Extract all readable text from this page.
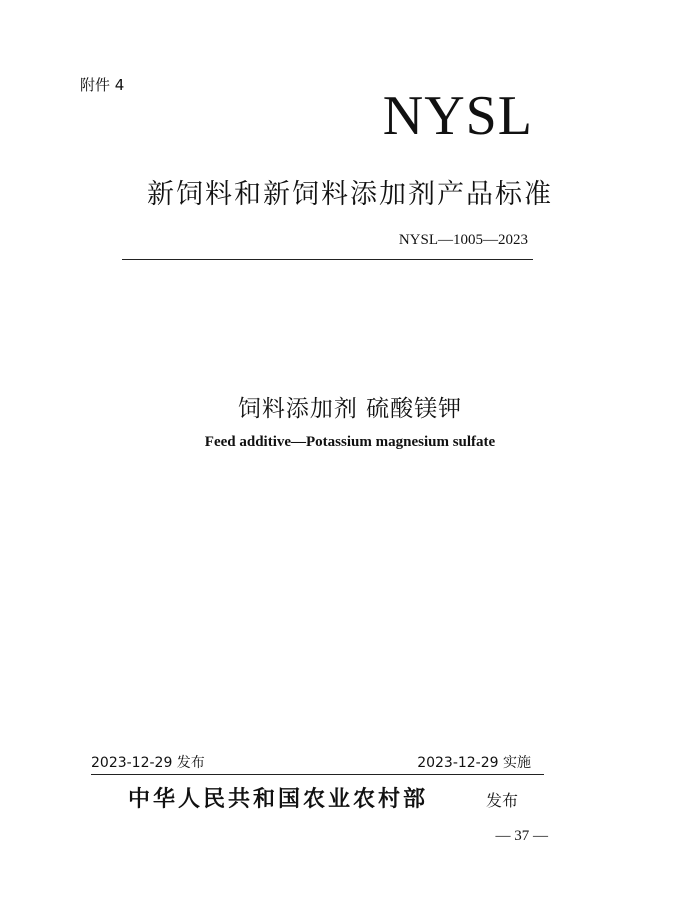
附件 4	NYSL
新饲料和新饲料添加剂产品标准
NYSL—1005—2023
饲料添加剂 硫酸镁钾
Feed additive—Potassium magnesium sulfate
2023-12-29 发布	2023-12-29 实施
中华人民共和国农业农村部	发布
— 37 —
